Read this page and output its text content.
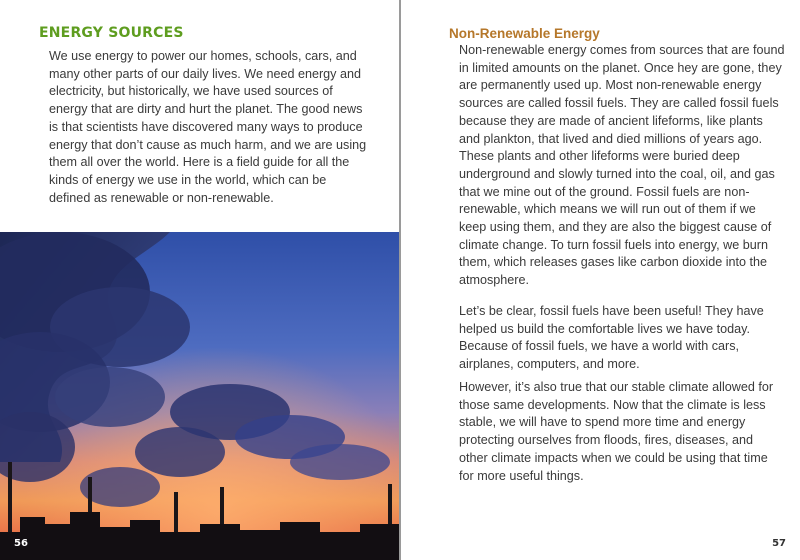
ENERGY SOURCES

We use energy to power our homes, schools, cars, and many other parts of our daily lives. We need energy and electricity, but historically, we have used sources of energy that are dirty and hurt the planet. The good news is that scientists have discovered many ways to produce energy that don’t cause as much harm, and we are using them all over the world. Here is a field guide for all the kinds of energy we use in the world, which can be defined as renewable or non-renewable.

56
Non-Renewable Energy

Non-renewable energy comes from sources that are found in limited amounts on the planet. Once hey are gone, they are permanently used up. Most non-renewable energy sources are called fossil fuels. They are called fossil fuels because they are made of ancient lifeforms, like plants and plankton, that lived and died millions of years ago. These plants and other lifeforms were buried deep underground and slowly turned into the coal, oil, and gas that we mine out of the ground. Fossil fuels are non-renewable, which means we will run out of them if we keep using them, and they are also the biggest cause of climate change. To turn fossil fuels into energy, we burn them, which releases gases like carbon dioxide into the atmosphere.

Let’s be clear, fossil fuels have been useful! They have helped us build the comfortable lives we have today. Because of fossil fuels, we have a world with cars, airplanes, computers, and more.

However, it’s also true that our stable climate allowed for those same developments. Now that the climate is less stable, we will have to spend more time and energy protecting ourselves from floods, fires, diseases, and other climate impacts when we could be using that time for more useful things.

57
